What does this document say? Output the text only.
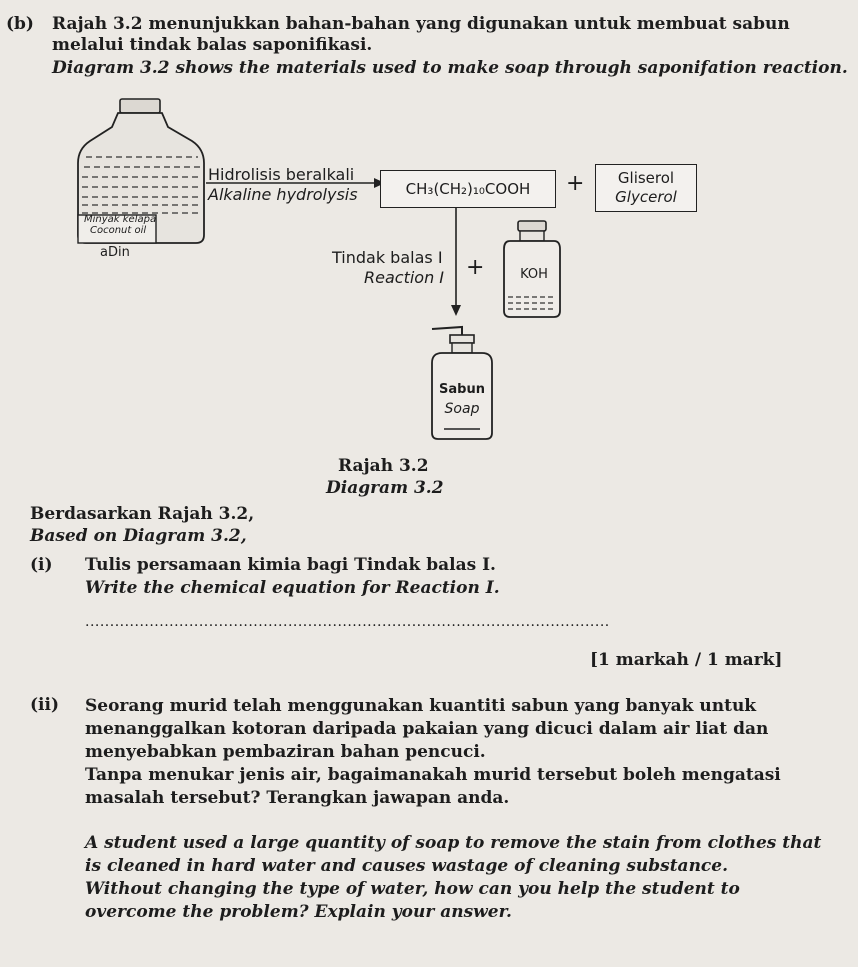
(b) Rajah 3.2 menunjukkan bahan-bahan yang digunakan untuk membuat sabun
melalui tindak balas saponifikasi.
Diagram 3.2 shows the materials used to make soap through saponifation reaction.
Minyak kelapa
Coconut oil
aDin
Hidrolisis beralkali
Alkaline hydrolysis	CH₃(CH₂)₁₀COOH + Gliserol
Glycerol
Tindak balas I
Reaction I +	KOH
Sabun
Soap
Rajah 3.2
Diagram 3.2
Berdasarkan Rajah 3.2,
Based on Diagram 3.2,
(i) Tulis persamaan kimia bagi Tindak balas I.
Write the chemical equation for Reaction I.
..........................................................................................................
[1 markah / 1 mark]
(ii) Seorang murid telah menggunakan kuantiti sabun yang banyak untuk
menanggalkan kotoran daripada pakaian yang dicuci dalam air liat dan
menyebabkan pembaziran bahan pencuci.
Tanpa menukar jenis air, bagaimanakah murid tersebut boleh mengatasi
masalah tersebut? Terangkan jawapan anda.
A student used a large quantity of soap to remove the stain from clothes that
is cleaned in hard water and causes wastage of cleaning substance.
Without changing the type of water, how can you help the student to
overcome the problem? Explain your answer.
